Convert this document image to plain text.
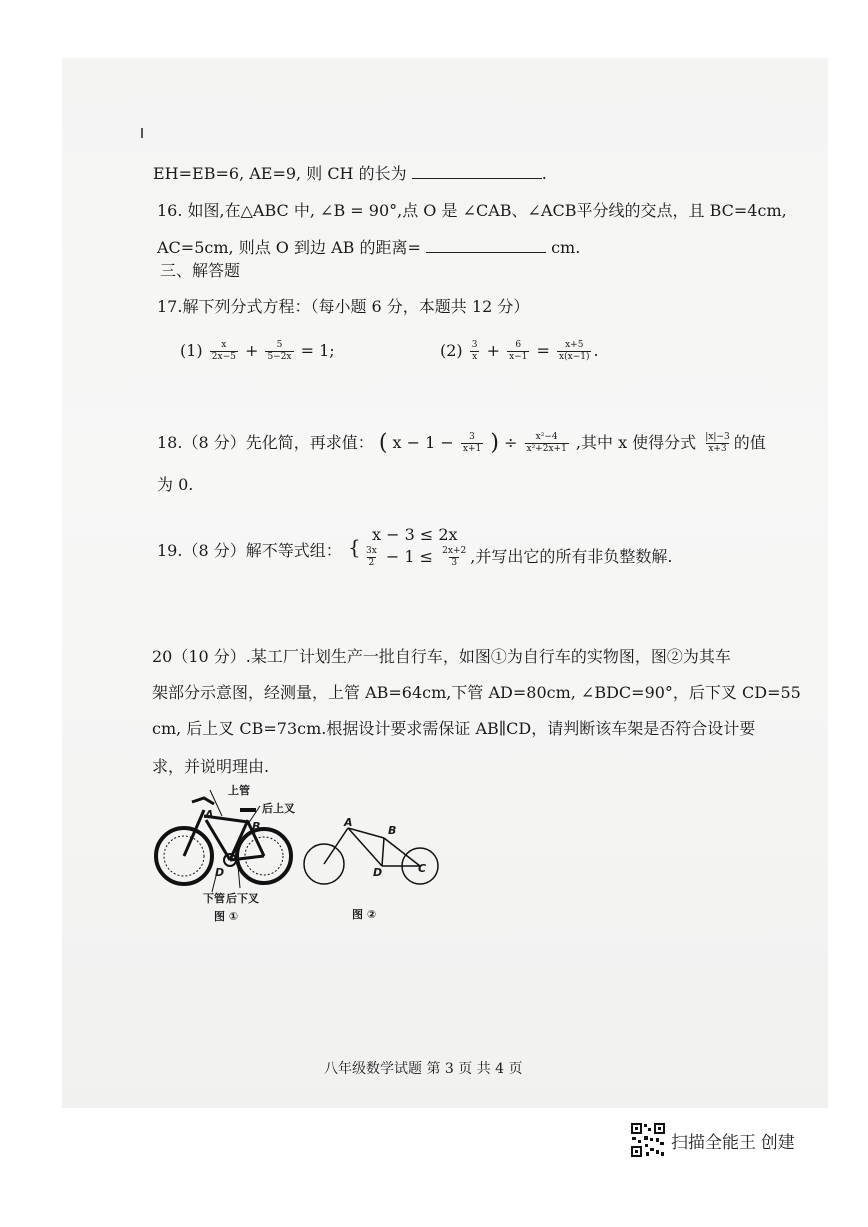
EH=EB=6, AE=9, 则 CH 的长为	.
16. 如图,在△ABC 中, ∠B = 90°,点 O 是 ∠CAB、∠ACB平分线的交点，且 BC=4cm,
AC=5cm, 则点 O 到边 AB 的距离=	cm.
三、解答题
17.解下列分式方程：（每小题 6 分，本题共 12 分）
$(1) \frac{x}{2x-5} + \frac{5}{5-2x} = 1$;	$(2) \frac{3}{x} + \frac{6}{x-1} = \frac{x+5}{x(x-1)}$ .
18.（8 分）先化简，再求值： ( $x - 1 - \frac{3}{x+1}$ ) ÷ $\frac{\text{x²−4}}{\text{x²+2x+1}}$ ,其中 x 使得分式 $\frac{|x|-3}{x+3}$ 的值
为 0.
19.（8 分）解不等式组： {
x − 3 ≤ 2x
$\frac{3x}{2} - 1 \le \frac{2x+2}{3}$ ,并写出它的所有非负整数解.
20（10 分）.某工厂计划生产一批自行车，如图①为自行车的实物图，图②为其车
架部分示意图，经测量，上管 AB=64cm,下管 AD=80cm, ∠BDC=90°，后下叉 CD=55
cm, 后上叉 CB=73cm.根据设计要求需保证 AB∥CD，请判断该车架是否符合设计要
求，并说明理由.
上管
后上叉
A
B
D
下管 后下叉
图 ①
A
B
C
D
图 ②
八年级数学试题 第 3 页 共 4 页
扫描全能王 创建
